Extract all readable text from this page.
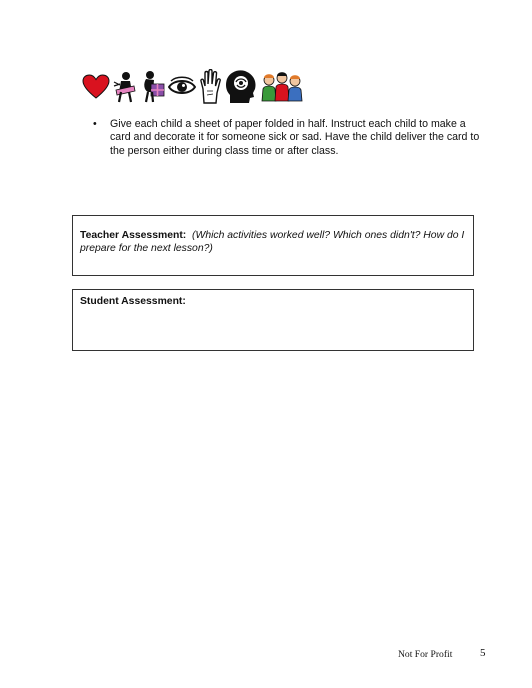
•	Give each child a sheet of paper folded in half. Instruct each child to make a
card and decorate it for someone sick or sad. Have the child deliver the card to
the person either during class time or after class.
Teacher Assessment: (Which activities worked well? Which ones didn't? How do I
prepare for the next lesson?)
Student Assessment:
Not For Profit	5
